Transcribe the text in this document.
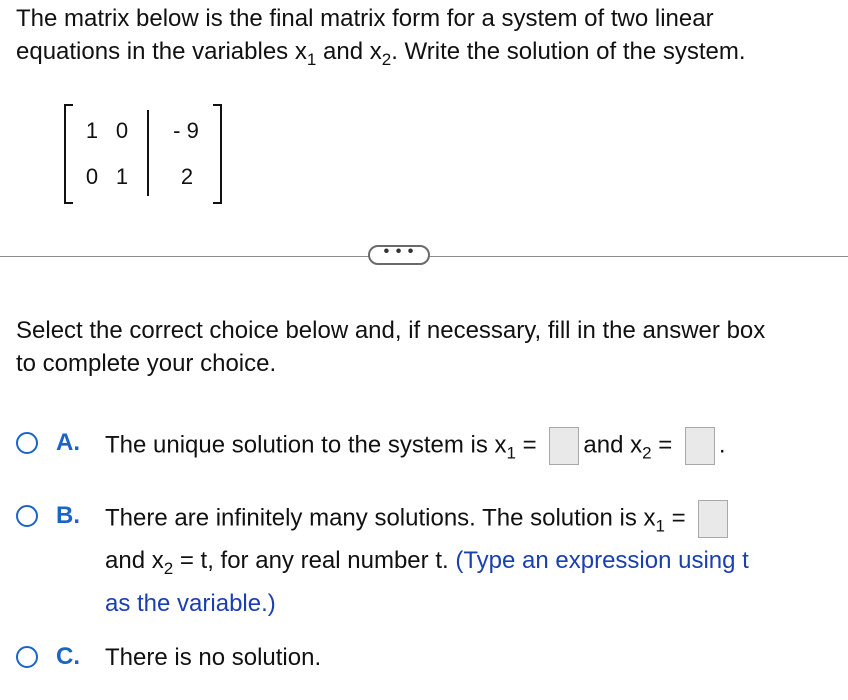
The matrix below is the final matrix form for a system of two linear
equations in the variables $x_1$ and $x_2$. Write the solution of the system.
1 0	- 9
0 1 2
• • •
Select the correct choice below and, if necessary, fill in the answer box
to complete your choice.
A. The unique solution to the system is $x_1$ = and $x_2$ = .
B. There are infinitely many solutions. The solution is $x_1$ =
and $x_2 = t$, for any real number t. (Type an expression using t
as the variable.)
C. There is no solution.
